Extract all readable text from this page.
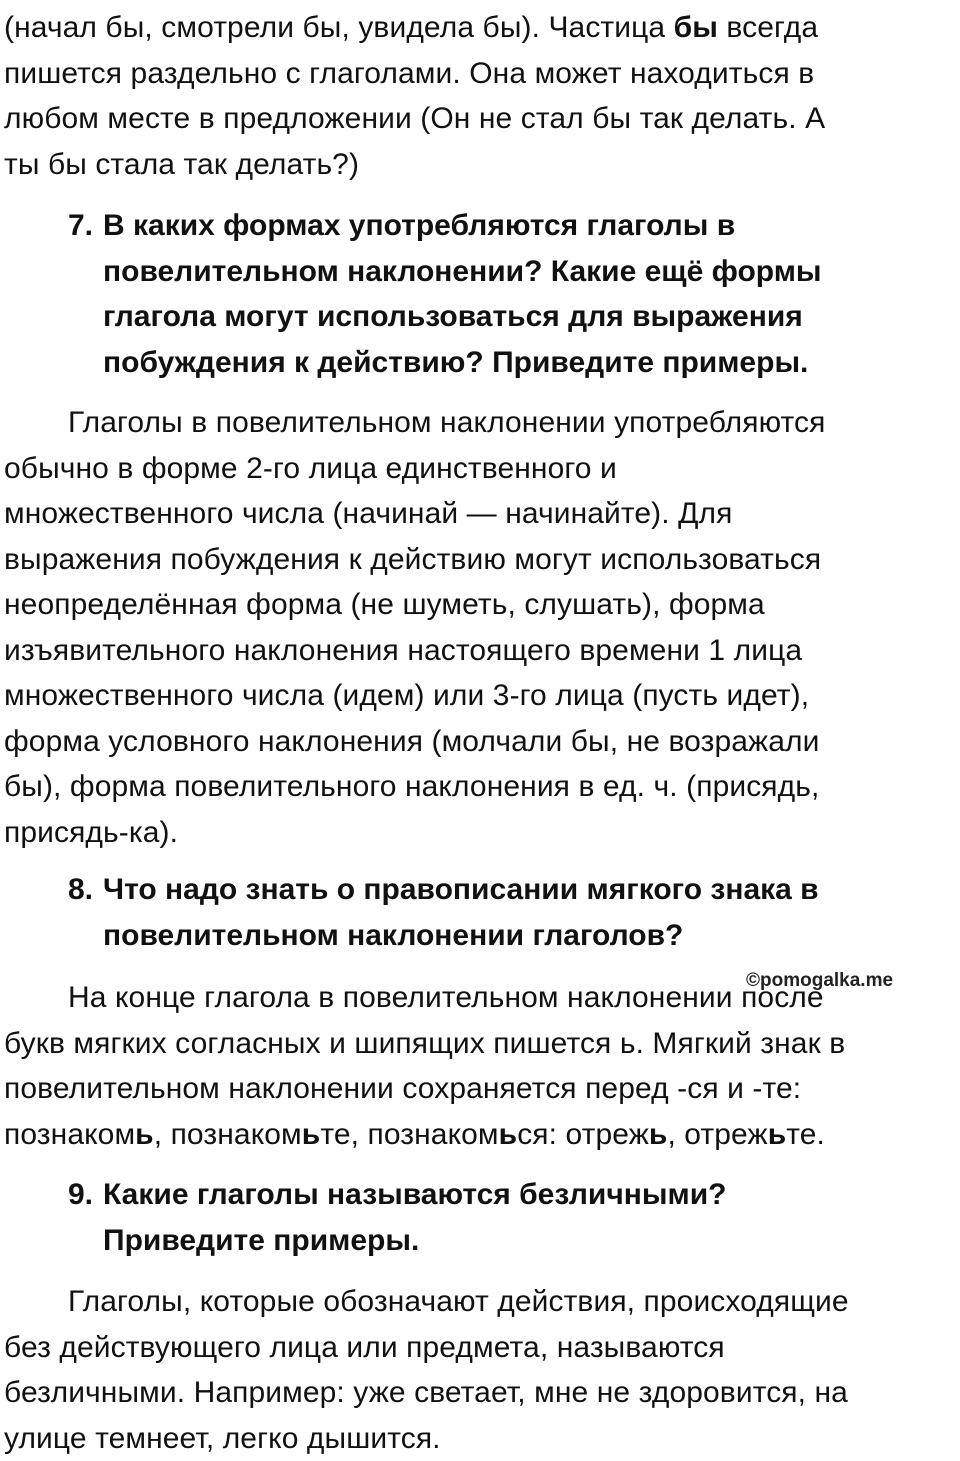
(начал бы, смотрели бы, увидела бы). Частица бы всегда
пишется раздельно с глаголами. Она может находиться в
любом месте в предложении (Он не стал бы так делать. А
ты бы стала так делать?)
7. В каких формах употребляются глаголы в
повелительном наклонении? Какие ещё формы
глагола могут использоваться для выражения
побуждения к действию? Приведите примеры.
Глаголы в повелительном наклонении употребляются
обычно в форме 2-го лица единственного и
множественного числа (начинай — начинайте). Для
выражения побуждения к действию могут использоваться
неопределённая форма (не шуметь, слушать), форма
изъявительного наклонения настоящего времени 1 лица
множественного числа (идем) или 3-го лица (пусть идет),
форма условного наклонения (молчали бы, не возражали
бы), форма повелительного наклонения в ед. ч. (присядь,
присядь-ка).
8. Что надо знать о правописании мягкого знака в
повелительном наклонении глаголов?
©pomogalka.me
На конце глагола в повелительном наклонении после
букв мягких согласных и шипящих пишется ь. Мягкий знак в
повелительном наклонении сохраняется перед -ся и -те:
познакомь, познакомьте, познакомься: отрежь, отрежьте.
9. Какие глаголы называются безличными?
Приведите примеры.
Глаголы, которые обозначают действия, происходящие
без действующего лица или предмета, называются
безличными. Например: уже светает, мне не здоровится, на
улице темнеет, легко дышится.
